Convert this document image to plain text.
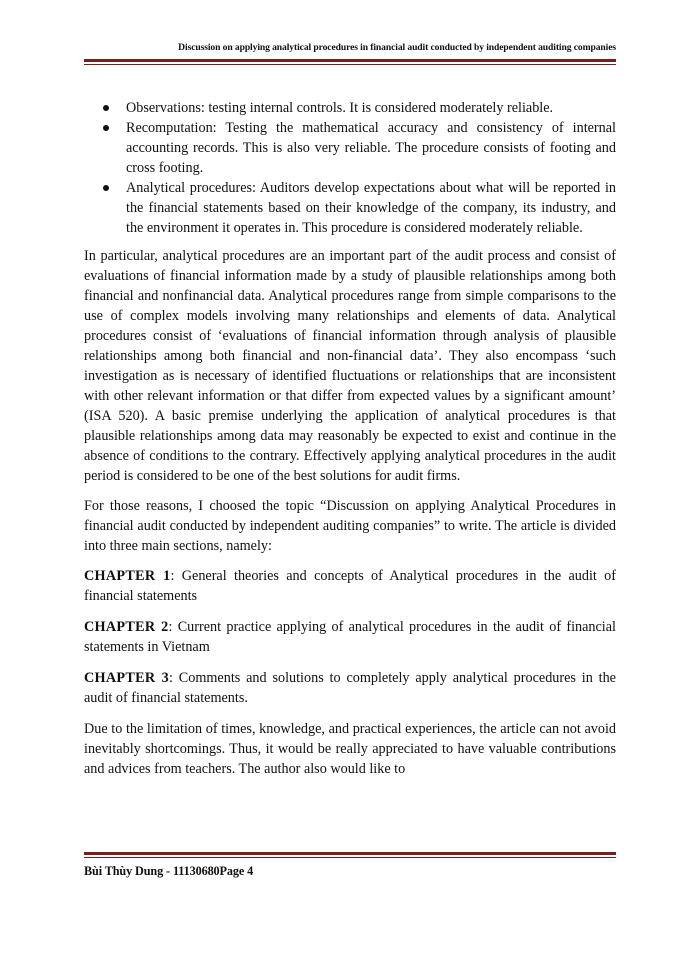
Discussion on applying analytical procedures in financial audit conducted by independent auditing companies
Observations: testing internal controls. It is considered moderately reliable.
Recomputation: Testing the mathematical accuracy and consistency of internal accounting records. This is also very reliable. The procedure consists of footing and cross footing.
Analytical procedures: Auditors develop expectations about what will be reported in the financial statements based on their knowledge of the company, its industry, and the environment it operates in. This procedure is considered moderately reliable.

In particular, analytical procedures are an important part of the audit process and consist of evaluations of financial information made by a study of plausible relationships among both financial and nonfinancial data. Analytical procedures range from simple comparisons to the use of complex models involving many relationships and elements of data. Analytical procedures consist of ‘evaluations of financial information through analysis of plausible relationships among both financial and non-financial data’. They also encompass ‘such investigation as is necessary of identified fluctuations or relationships that are inconsistent with other relevant information or that differ from expected values by a significant amount’ (ISA 520). A basic premise underlying the application of analytical procedures is that plausible relationships among data may reasonably be expected to exist and continue in the absence of conditions to the contrary. Effectively applying analytical procedures in the audit period is considered to be one of the best solutions for audit firms.

For those reasons, I choosed the topic “Discussion on applying Analytical Procedures in financial audit conducted by independent auditing companies” to write. The article is divided into three main sections, namely:

CHAPTER 1: General theories and concepts of Analytical procedures in the audit of financial statements

CHAPTER 2: Current practice applying of analytical procedures in the audit of financial statements in Vietnam

CHAPTER 3: Comments and solutions to completely apply analytical procedures in the audit of financial statements.

Due to the limitation of times, knowledge, and practical experiences, the article can not avoid inevitably shortcomings. Thus, it would be really appreciated to have valuable contributions and advices from teachers. The author also would like to

Bùi Thùy Dung - 11130680Page 4
